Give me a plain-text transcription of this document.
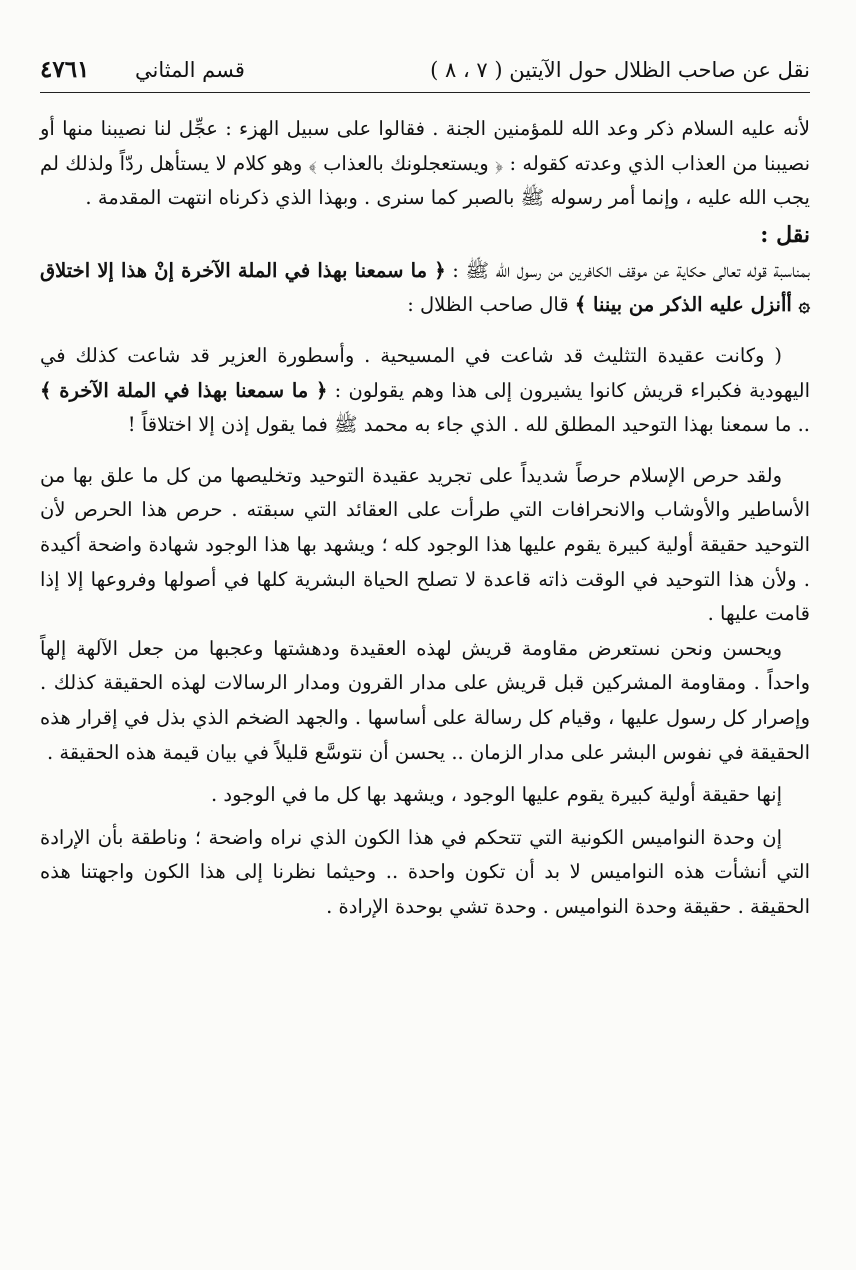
نقل عن صاحب الظلال حول الآيتين ( ٧ ، ٨ )
قسم المثاني
٤٧٦١

لأنه عليه السلام ذكر وعد الله للمؤمنين الجنة . فقالوا على سبيل الهزء : عجِّل لنا نصيبنا منها أو نصيبنا من العذاب الذي وعدته كقوله : ﴿ ويستعجلونك بالعذاب ﴾ وهو كلام لا يستأهل ردّاً ولذلك لم يجب الله عليه ، وإنما أمر رسوله ﷺ بالصبر كما سنرى . وبهذا الذي ذكرناه انتهت المقدمة .

نقل :

بمناسبة قوله تعالى حكاية عن موقف الكافرين من رسول الله ﷺ : ﴿ ما سمعنا بهذا في الملة الآخرة إنْ هذا إلا اختلاق ۞ أأنزل عليه الذكر من بيننا ﴾ قال صاحب الظلال :

( وكانت عقيدة التثليث قد شاعت في المسيحية . وأسطورة العزير قد شاعت كذلك في اليهودية فكبراء قريش كانوا يشيرون إلى هذا وهم يقولون : ﴿ ما سمعنا بهذا في الملة الآخرة ﴾ .. ما سمعنا بهذا التوحيد المطلق لله . الذي جاء به محمد ﷺ فما يقول إذن إلا اختلاقاً !

ولقد حرص الإسلام حرصاً شديداً على تجريد عقيدة التوحيد وتخليصها من كل ما علق بها من الأساطير والأوشاب والانحرافات التي طرأت على العقائد التي سبقته . حرص هذا الحرص لأن التوحيد حقيقة أولية كبيرة يقوم عليها هذا الوجود كله ؛ ويشهد بها هذا الوجود شهادة واضحة أكيدة . ولأن هذا التوحيد في الوقت ذاته قاعدة لا تصلح الحياة البشرية كلها في أصولها وفروعها إلا إذا قامت عليها .

ويحسن ونحن نستعرض مقاومة قريش لهذه العقيدة ودهشتها وعجبها من جعل الآلهة إلهاً واحداً . ومقاومة المشركين قبل قريش على مدار القرون ومدار الرسالات لهذه الحقيقة كذلك . وإصرار كل رسول عليها ، وقيام كل رسالة على أساسها . والجهد الضخم الذي بذل في إقرار هذه الحقيقة في نفوس البشر على مدار الزمان .. يحسن أن نتوسَّع قليلاً في بيان قيمة هذه الحقيقة .

إنها حقيقة أولية كبيرة يقوم عليها الوجود ، ويشهد بها كل ما في الوجود .

إن وحدة النواميس الكونية التي تتحكم في هذا الكون الذي نراه واضحة ؛ وناطقة بأن الإرادة التي أنشأت هذه النواميس لا بد أن تكون واحدة .. وحيثما نظرنا إلى هذا الكون واجهتنا هذه الحقيقة . حقيقة وحدة النواميس . وحدة تشي بوحدة الإرادة .
